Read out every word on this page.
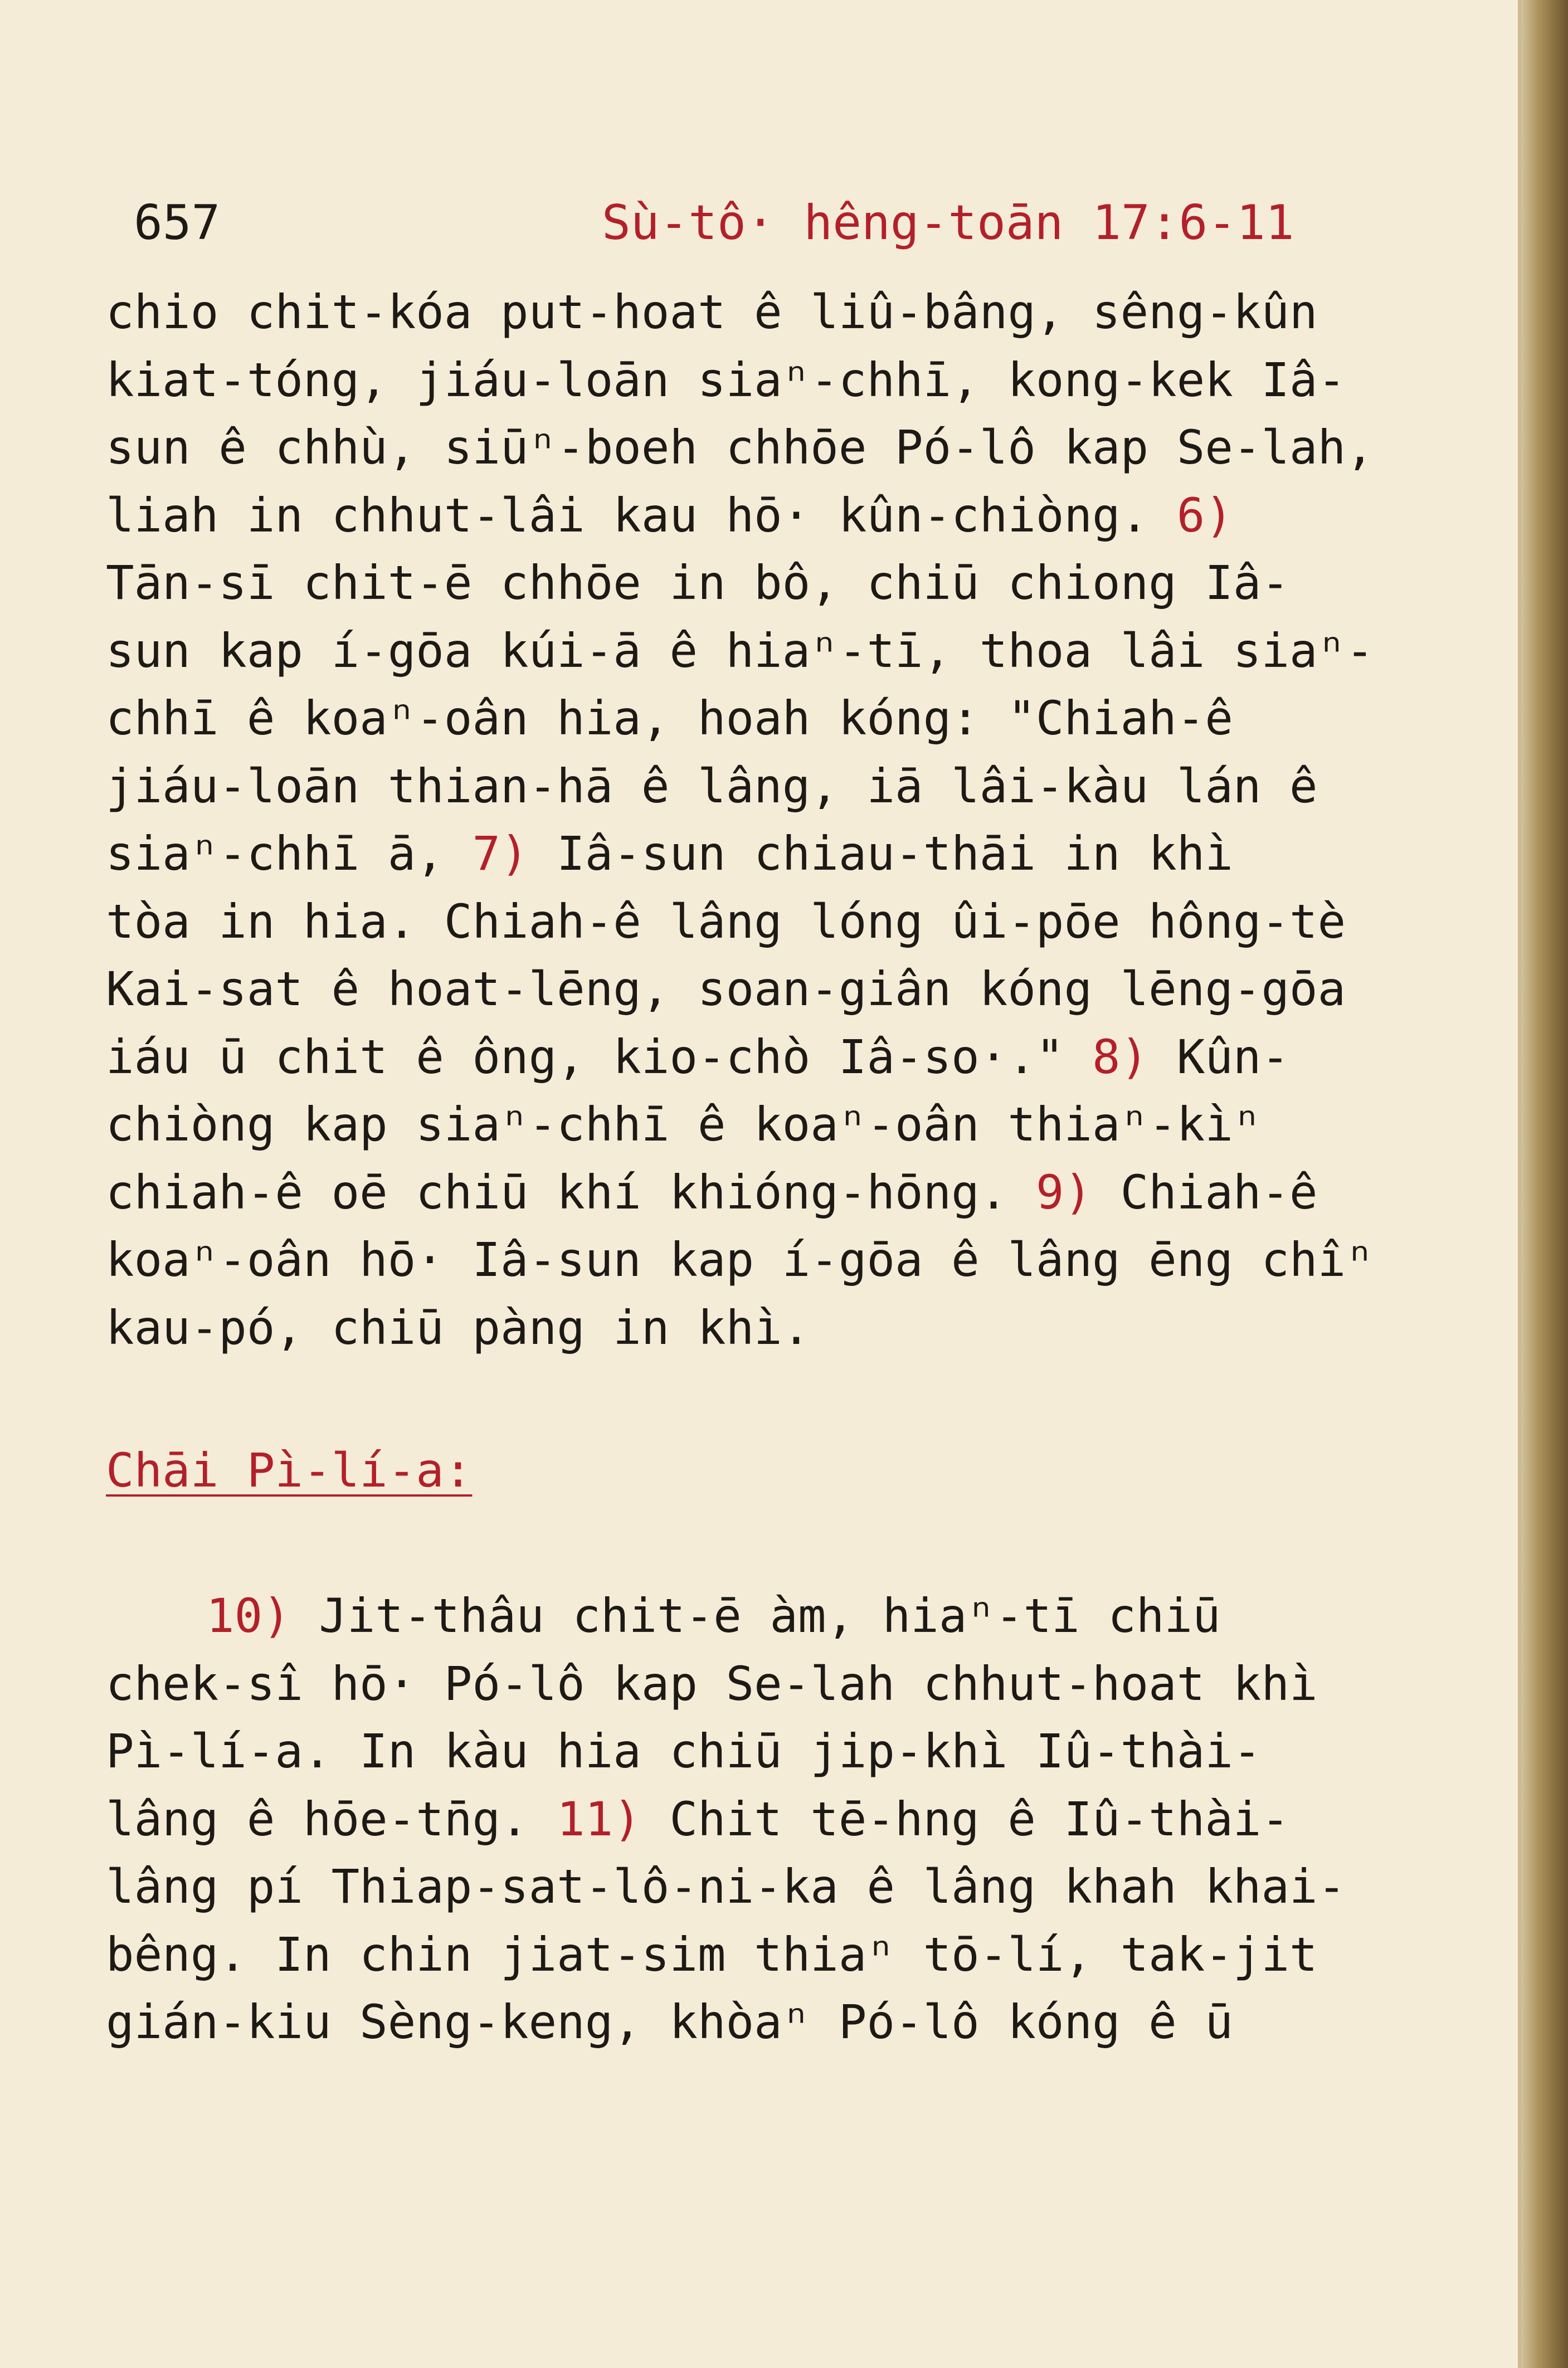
657	Sù-tô· hêng-toān 17:6-11
chio chit-kóa put-hoat ê liû-bâng, sêng-kûn
kiat-tóng, jiáu-loān siaⁿ-chhī, kong-kek Iâ-
sun ê chhù, siūⁿ-boeh chhōe Pó-lô kap Se-lah,
liah in chhut-lâi kau hō· kûn-chiòng. 6)
Tān-sī chit-ē chhōe in bô, chiū chiong Iâ-
sun kap í-gōa kúi-ā ê hiaⁿ-tī, thoa lâi siaⁿ-
chhī ê koaⁿ-oân hia, hoah kóng: "Chiah-ê
jiáu-loān thian-hā ê lâng, iā lâi-kàu lán ê
siaⁿ-chhī ā, 7) Iâ-sun chiau-thāi in khì
tòa in hia. Chiah-ê lâng lóng ûi-pōe hông-tè
Kai-sat ê hoat-lēng, soan-giân kóng lēng-gōa
iáu ū chit ê ông, kio-chò Iâ-so·." 8) Kûn-
chiòng kap siaⁿ-chhī ê koaⁿ-oân thiaⁿ-kìⁿ
chiah-ê oē chiū khí khióng-hōng. 9) Chiah-ê
koaⁿ-oân hō· Iâ-sun kap í-gōa ê lâng ēng chîⁿ
kau-pó, chiū pàng in khì.
Chāi Pì-lí-a:
10) Jit-thâu chit-ē àm, hiaⁿ-tī chiū
chek-sî hō· Pó-lô kap Se-lah chhut-hoat khì
Pì-lí-a. In kàu hia chiū jip-khì Iû-thài-
lâng ê hōe-tn̄g. 11) Chit tē-hng ê Iû-thài-
lâng pí Thiap-sat-lô-ni-ka ê lâng khah khai-
bêng. In chin jiat-sim thiaⁿ tō-lí, tak-jit
gián-kiu Sèng-keng, khòaⁿ Pó-lô kóng ê ū
